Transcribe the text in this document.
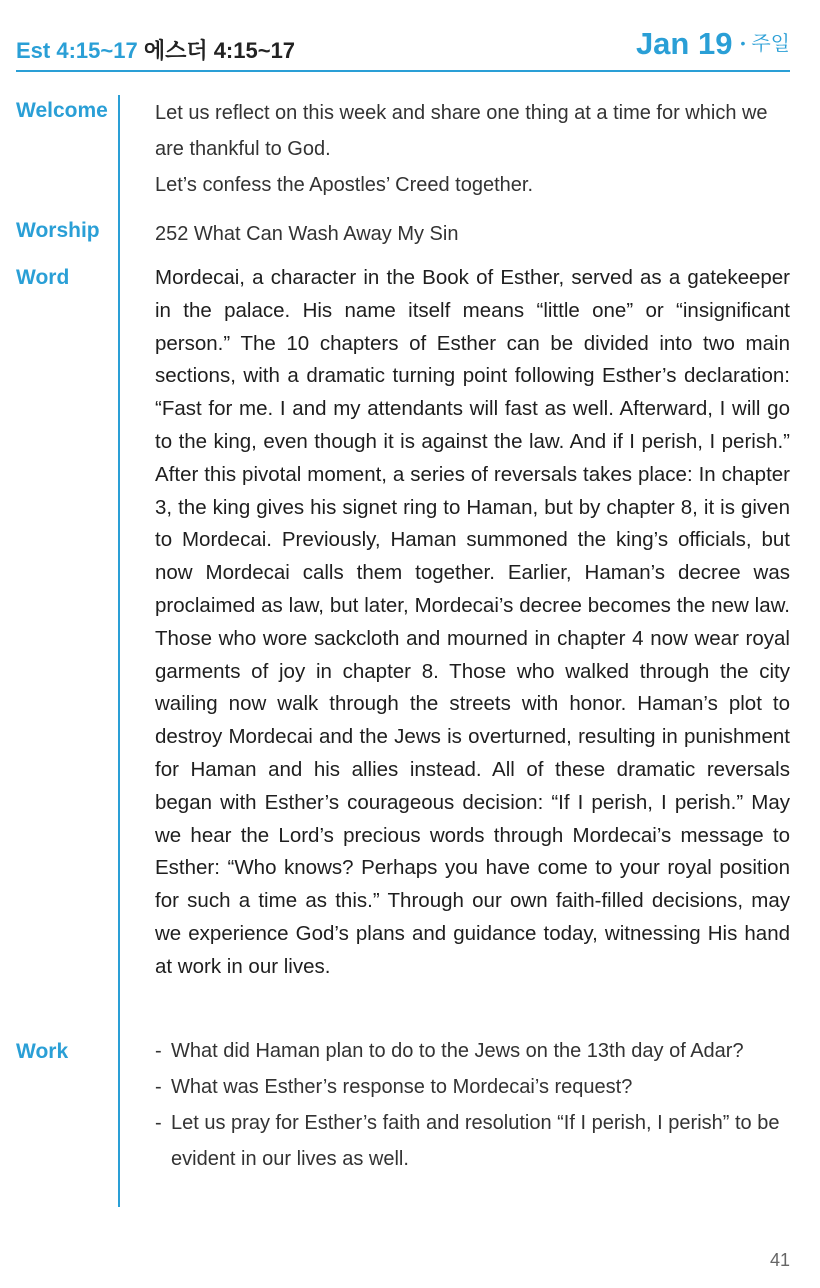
Est 4:15~17 에스더 4:15~17	Jan 19 • 주일
Welcome Let us reflect on this week and share one thing at a time for which we are thankful to God.

Let’s confess the Apostles’ Creed together.

Worship	252 What Can Wash Away My Sin
Word	Mordecai, a character in the Book of Esther, served as a gatekeeper in the palace. His name itself means “little one” or “insignificant person.” The 10 chapters of Esther can be divided into two main sections, with a dramatic turning point following Esther’s declaration: “Fast for me. I and my attendants will fast as well. Afterward, I will go to the king, even though it is against the law. And if I perish, I perish.” After this pivotal moment, a series of reversals takes place: In chapter 3, the king gives his signet ring to Haman, but by chapter 8, it is given to Mordecai. Previously, Haman summoned the king’s officials, but now Mordecai calls them together. Earlier, Haman’s decree was proclaimed as law, but later, Mordecai’s decree becomes the new law. Those who wore sackcloth and mourned in chapter 4 now wear royal garments of joy in chapter 8. Those who walked through the city wailing now walk through the streets with honor. Haman’s plot to destroy Mordecai and the Jews is overturned, resulting in punishment for Haman and his allies instead. All of these dramatic reversals began with Esther’s courageous decision: “If I perish, I perish.” May we hear the Lord’s precious words through Mordecai’s message to Esther: “Who knows? Perhaps you have come to your royal position for such a time as this.” Through our own faith-filled decisions, may we experience God’s plans and guidance today, witnessing His hand at work in our lives.

Work	- What did Haman plan to do to the Jews on the 13th day of Adar?
- What was Esther’s response to Mordecai’s request?
- Let us pray for Esther’s faith and resolution “If I perish, I perish” to be evident in our lives as well.
41
